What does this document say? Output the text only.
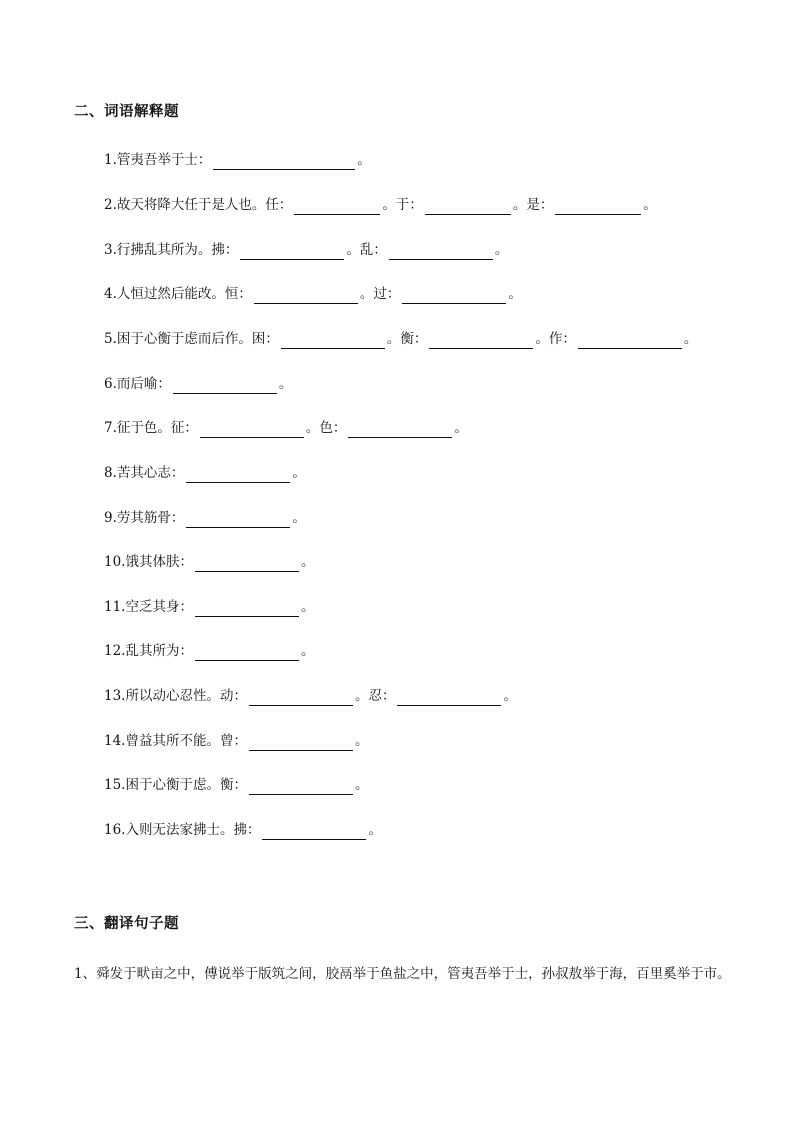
二、词语解释题
1. 管夷吾举于士：	。
2. 故天将降大任于是人也。任：	。于：	。是：	。
3. 行拂乱其所为。拂：	。乱：	。
4. 人恒过然后能改。恒：	。过：	。
5. 困于心衡于虑而后作。困：	。衡：	。作：	。
6. 而后喻：	。
7. 征于色。征：	。色：	。
8. 苦其心志：	。
9. 劳其筋骨：	。
10. 饿其体肤：	。
11. 空乏其身：	。
12. 乱其所为：	。
13. 所以动心忍性。动：	。忍：	。
14. 曾益其所不能。曾：	。
15. 困于心衡于虑。衡：	。
16. 入则无法家拂士。拂：	。
三、翻译句子题
1、舜发于畎亩之中，傅说举于版筑之间，胶鬲举于鱼盐之中，管夷吾举于士，孙叔敖举于海，百里奚举于市。
